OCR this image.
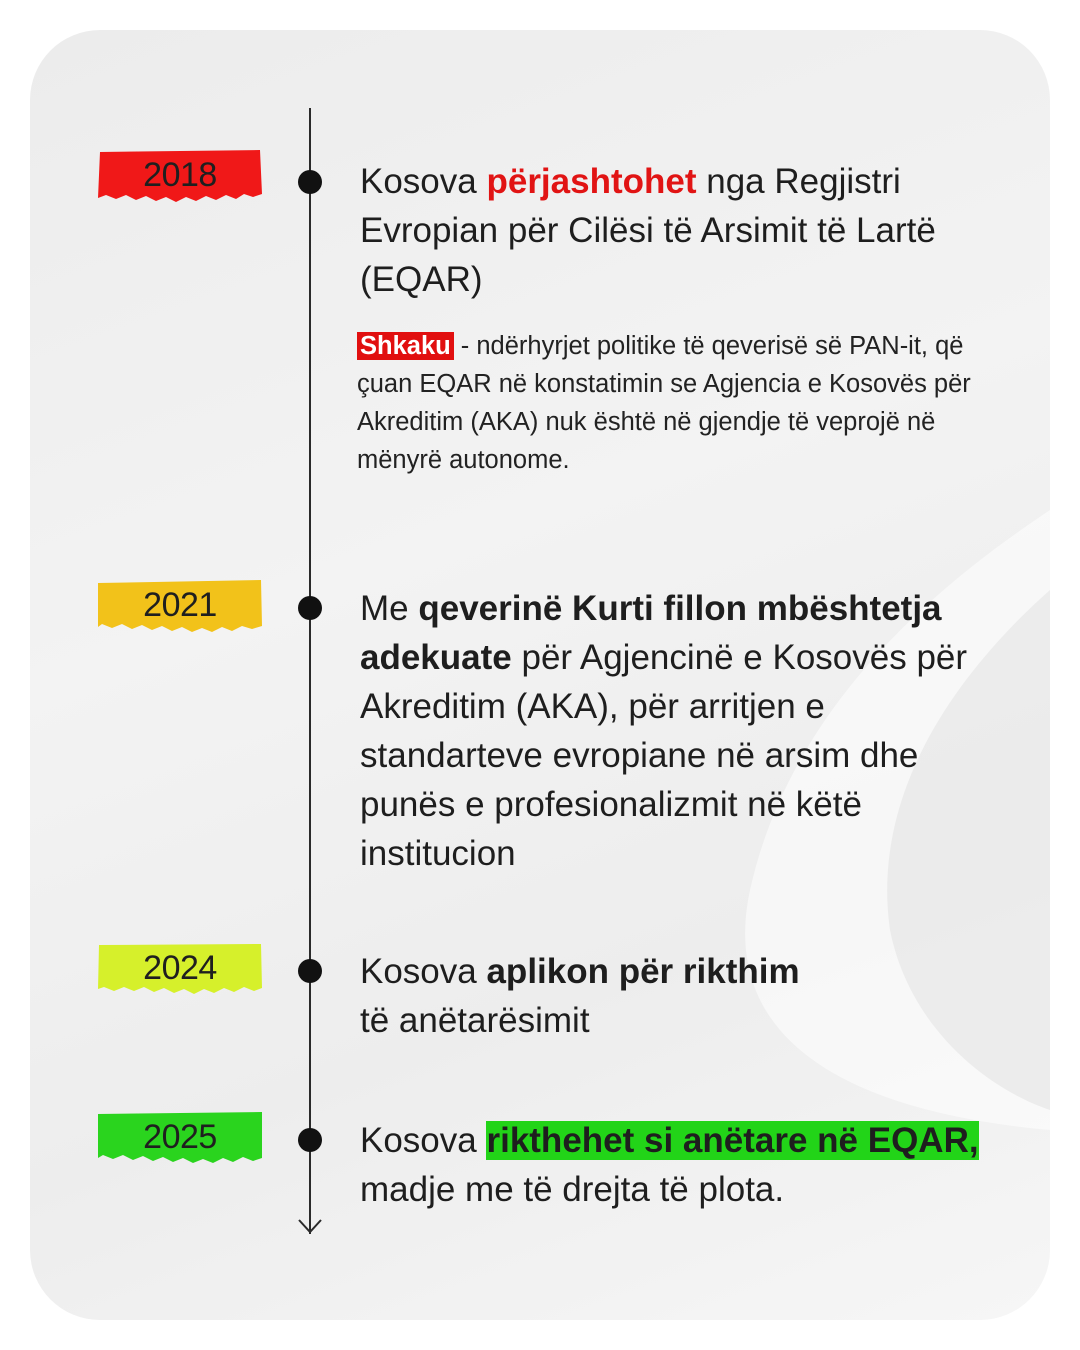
2018	Kosova përjashtohet nga Regjistri Evropian për Cilësi të Arsimit të Lartë (EQAR)
Shkaku - ndërhyrjet politike të qeverisë së PAN-it, që çuan EQAR në konstatimin se Agjencia e Kosovës për Akreditim (AKA) nuk është në gjendje të veprojë në mënyrë autonome.
2021	Me qeverinë Kurti fillon mbështetja adekuate për Agjencinë e Kosovës për Akreditim (AKA), për arritjen e standarteve evropiane në arsim dhe punës e profesionalizmit në këtë institucion
2024	Kosova aplikon për rikthim
të anëtarësimit
2025	Kosova rikthehet si anëtare në EQAR, madje me të drejta të plota.
